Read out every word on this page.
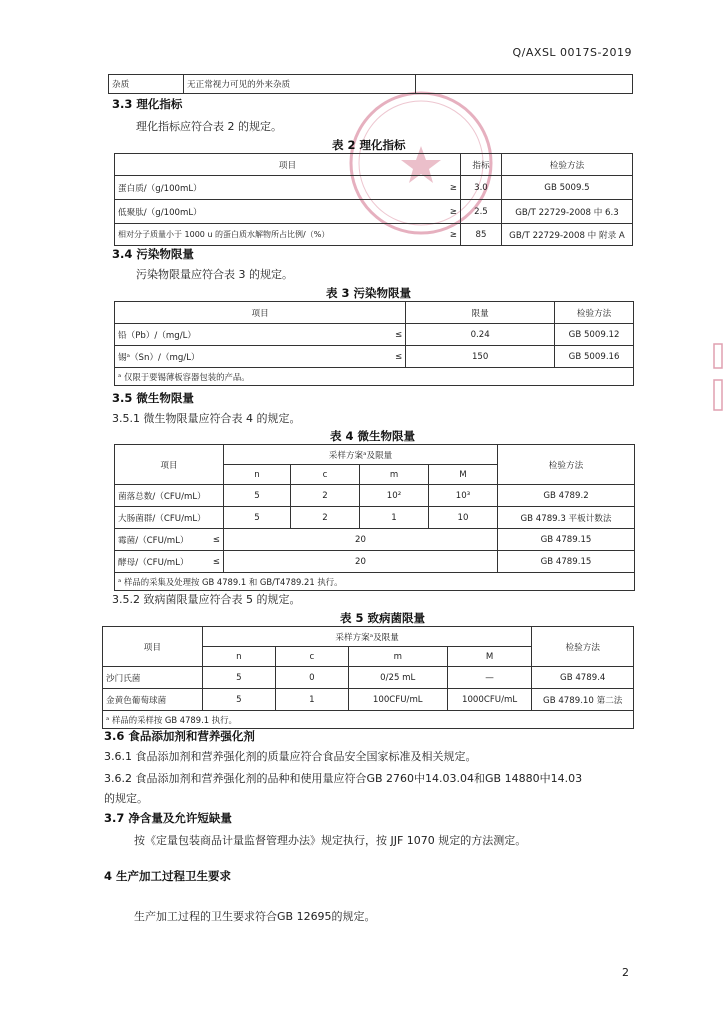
Q/AXSL 0017S-2019
杂质	无正常视力可见的外来杂质	
3.3 理化指标
理化指标应符合表 2 的规定。
表 2 理化指标
项目		指标	检验方法
蛋白质/（g/100mL）	≥	3.0	GB 5009.5
低聚肽/（g/100mL）	≥	2.5	GB/T 22729-2008 中 6.3
相对分子质量小于 1000 u 的蛋白质水解物所占比例/（%）	≥	85	GB/T 22729-2008 中 附录 A
3.4 污染物限量
污染物限量应符合表 3 的规定。
表 3 污染物限量
项目		限量	检验方法
铅（Pb）/（mg/L）	≤	0.24	GB 5009.12
锡ᵃ（Sn）/（mg/L）	≤	150	GB 5009.16
ᵃ 仅限于要锡薄板容器包装的产品。			
3.5 微生物限量
3.5.1 微生物限量应符合表 4 的规定。
表 4 微生物限量
项目		采样方案ᵃ及限量				检验方法
		n	c	m	M	
菌落总数/（CFU/mL）		5	2	10²	10³	GB 4789.2
大肠菌群/（CFU/mL）		5	2	1	10	GB 4789.3 平板计数法
霉菌/（CFU/mL）	≤	20				GB 4789.15
酵母/（CFU/mL）	≤	20				GB 4789.15
ᵃ 样品的采集及处理按 GB 4789.1 和 GB/T4789.21 执行。						
3.5.2 致病菌限量应符合表 5 的规定。
表 5 致病菌限量
项目	采样方案ᵃ及限量				检验方法
	n	c	m	M	
沙门氏菌	5	0	0/25 mL	—	GB 4789.4
金黄色葡萄球菌	5	1	100CFU/mL	1000CFU/mL	GB 4789.10 第二法
ᵃ 样品的采样按 GB 4789.1 执行。					
3.6 食品添加剂和营养强化剂
3.6.1 食品添加剂和营养强化剂的质量应符合食品安全国家标准及相关规定。
3.6.2 食品添加剂和营养强化剂的品种和使用量应符合GB 2760中14.03.04和GB 14880中14.03
的规定。
3.7 净含量及允许短缺量
按《定量包装商品计量监督管理办法》规定执行，按 JJF 1070 规定的方法测定。
4 生产加工过程卫生要求
生产加工过程的卫生要求符合GB 12695的规定。
2
